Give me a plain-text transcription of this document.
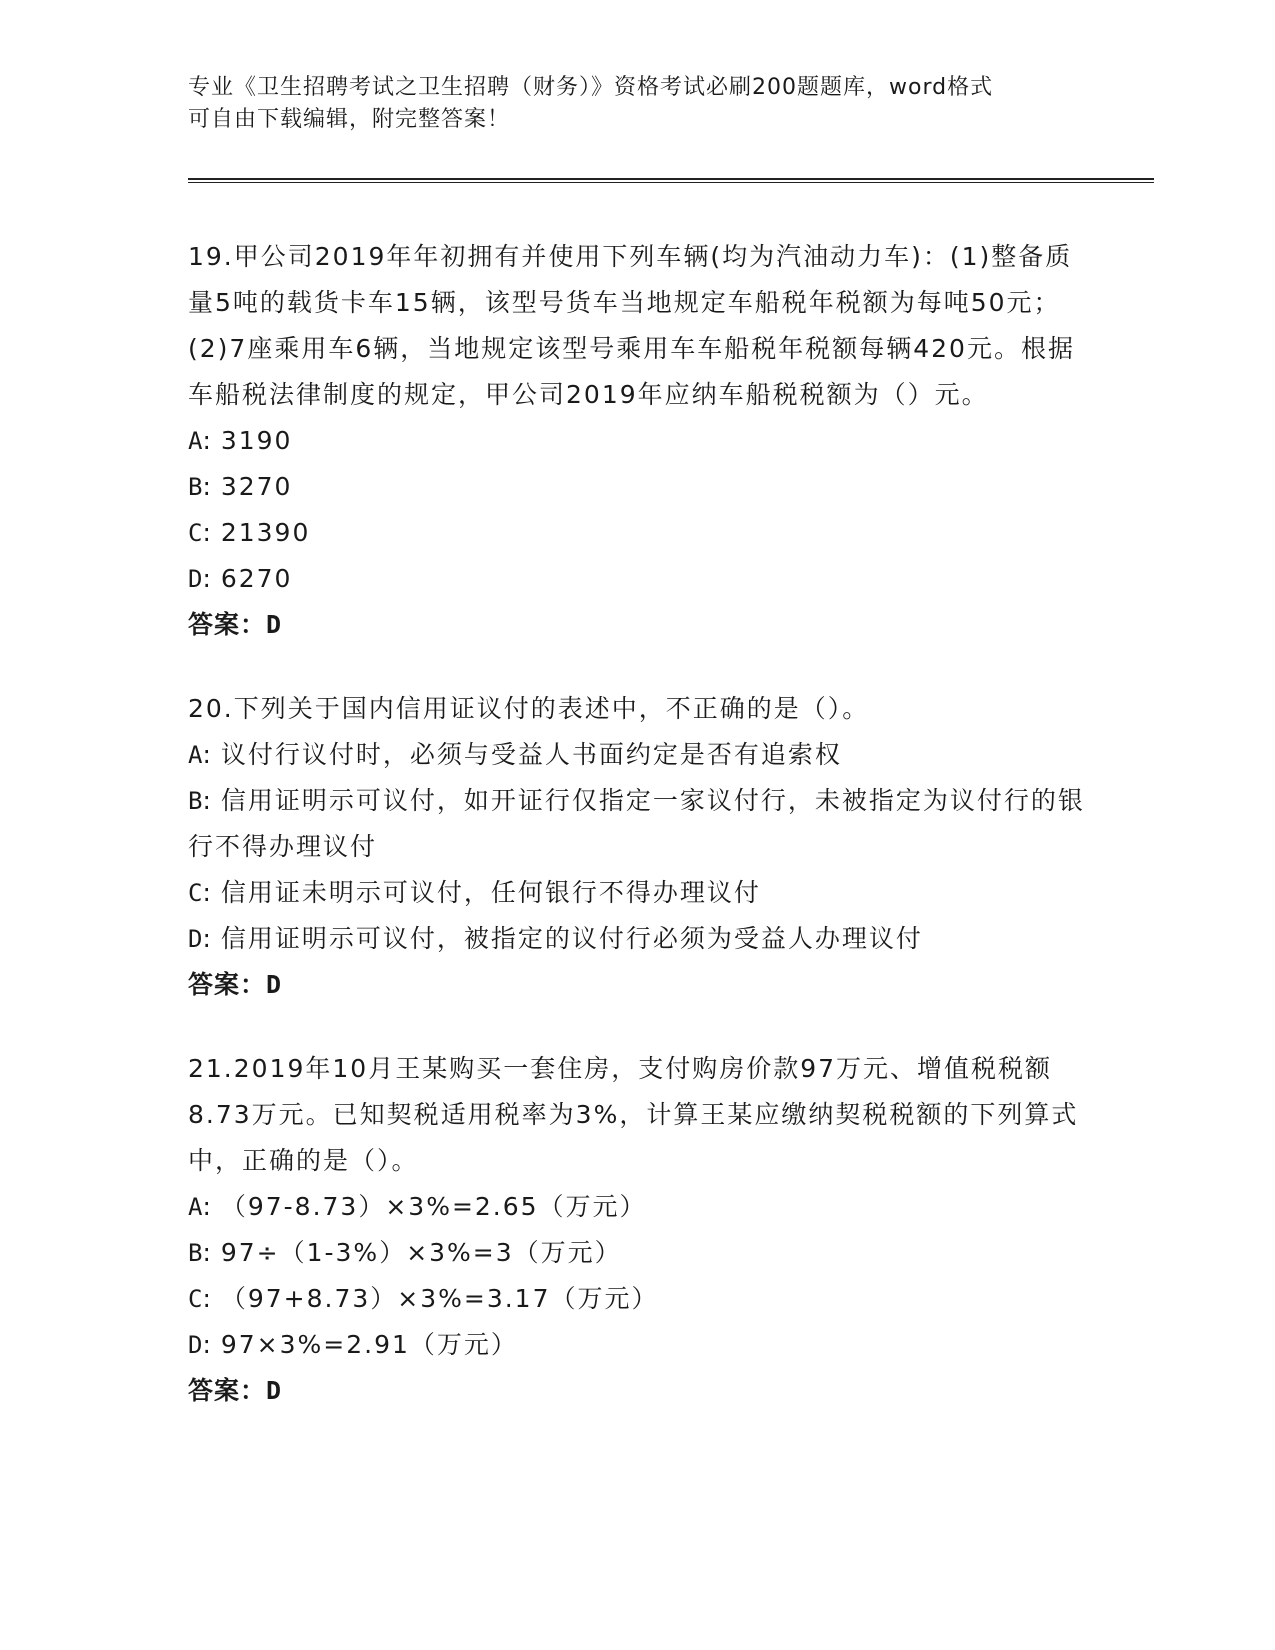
专业《卫生招聘考试之卫生招聘（财务）》资格考试必刷200题题库，word格式
可自由下载编辑，附完整答案！

19.甲公司2019年年初拥有并使用下列车辆(均为汽油动力车)：(1)整备质量5吨的载货卡车15辆，该型号货车当地规定车船税年税额为每吨50元；(2)7座乘用车6辆，当地规定该型号乘用车车船税年税额每辆420元。根据车船税法律制度的规定，甲公司2019年应纳车船税税额为（）元。

A: 3190

B: 3270

C: 21390

D: 6270

答案：D

20.下列关于国内信用证议付的表述中，不正确的是（）。

A: 议付行议付时，必须与受益人书面约定是否有追索权

B: 信用证明示可议付，如开证行仅指定一家议付行，未被指定为议付行的银行不得办理议付

C: 信用证未明示可议付，任何银行不得办理议付

D: 信用证明示可议付，被指定的议付行必须为受益人办理议付

答案：D

21.2019年10月王某购买一套住房，支付购房价款97万元、增值税税额8.73万元。已知契税适用税率为3%，计算王某应缴纳契税税额的下列算式中，正确的是（）。

A: （97-8.73）×3%=2.65（万元）

B: 97÷（1-3%）×3%=3（万元）

C: （97+8.73）×3%=3.17（万元）

D: 97×3%=2.91（万元）

答案：D
